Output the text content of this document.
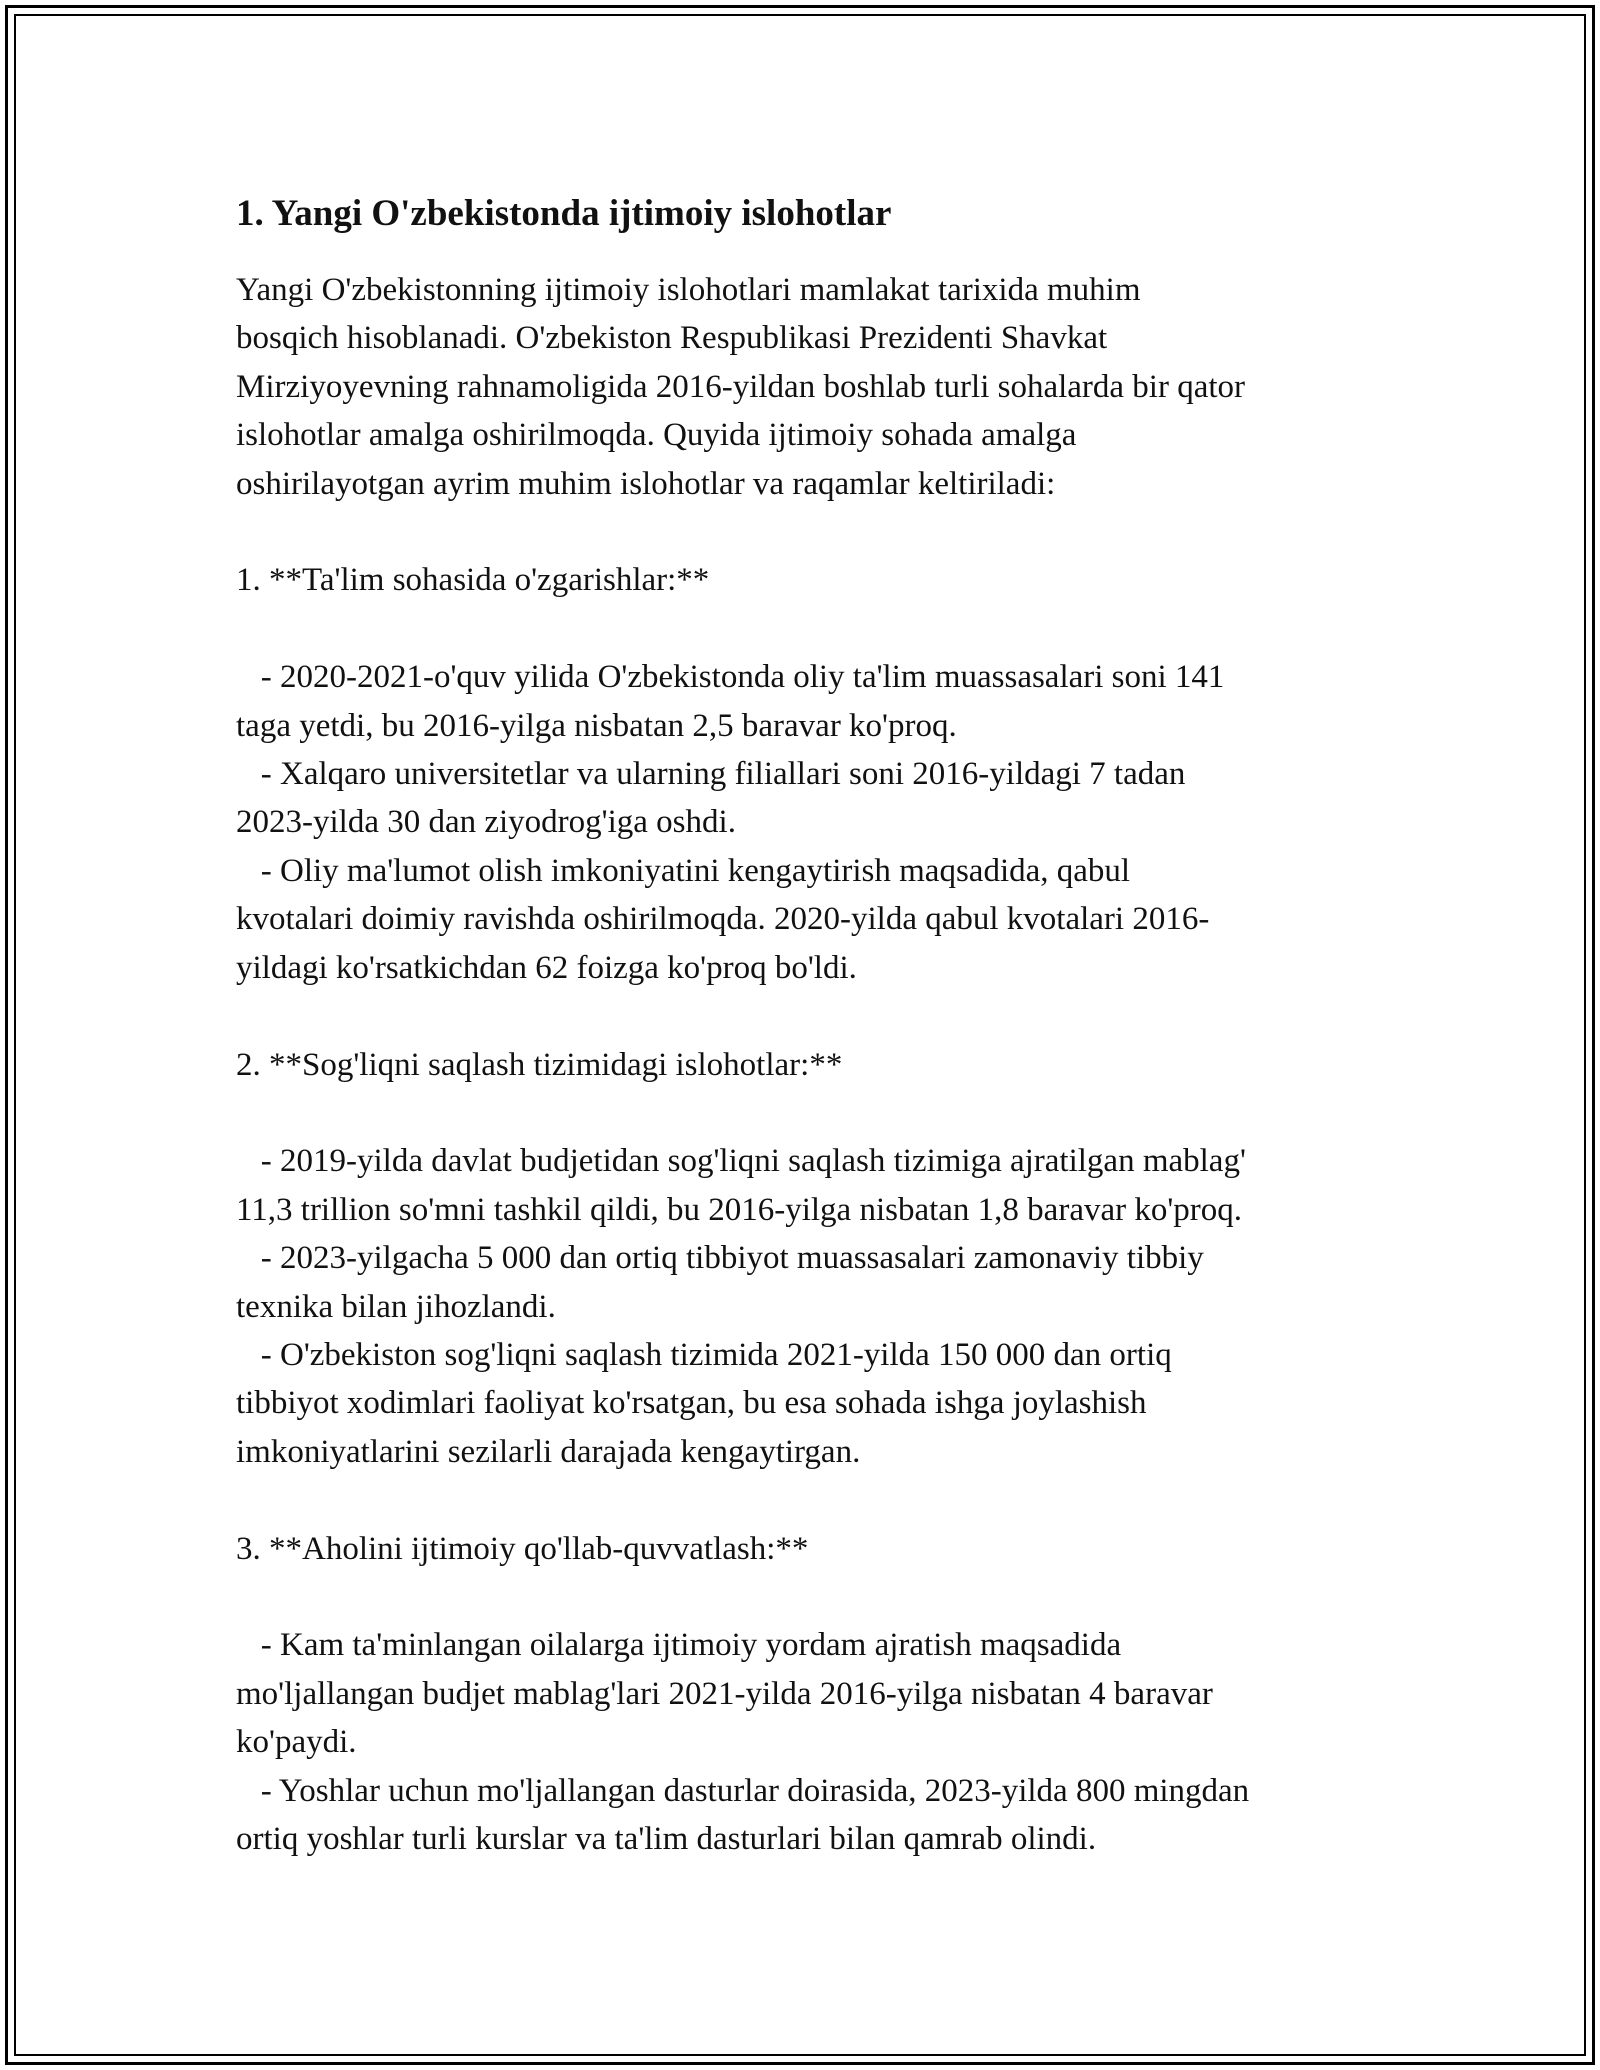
1. Yangi O'zbekistonda ijtimoiy islohotlar

Yangi O'zbekistonning ijtimoiy islohotlari mamlakat tarixida muhim
bosqich hisoblanadi. O'zbekiston Respublikasi Prezidenti Shavkat
Mirziyoyevning rahnamoligida 2016-yildan boshlab turli sohalarda bir qator
islohotlar amalga oshirilmoqda. Quyida ijtimoiy sohada amalga
oshirilayotgan ayrim muhim islohotlar va raqamlar keltiriladi:

1. **Ta'lim sohasida o'zgarishlar:**

- 2020-2021-o'quv yilida O'zbekistonda oliy ta'lim muassasalari soni 141
taga yetdi, bu 2016-yilga nisbatan 2,5 baravar ko'proq.
- Xalqaro universitetlar va ularning filiallari soni 2016-yildagi 7 tadan
2023-yilda 30 dan ziyodrog'iga oshdi.
- Oliy ma'lumot olish imkoniyatini kengaytirish maqsadida, qabul
kvotalari doimiy ravishda oshirilmoqda. 2020-yilda qabul kvotalari 2016-
yildagi ko'rsatkichdan 62 foizga ko'proq bo'ldi.

2. **Sog'liqni saqlash tizimidagi islohotlar:**

- 2019-yilda davlat budjetidan sog'liqni saqlash tizimiga ajratilgan mablag'
11,3 trillion so'mni tashkil qildi, bu 2016-yilga nisbatan 1,8 baravar ko'proq.
- 2023-yilgacha 5 000 dan ortiq tibbiyot muassasalari zamonaviy tibbiy
texnika bilan jihozlandi.
- O'zbekiston sog'liqni saqlash tizimida 2021-yilda 150 000 dan ortiq
tibbiyot xodimlari faoliyat ko'rsatgan, bu esa sohada ishga joylashish
imkoniyatlarini sezilarli darajada kengaytirgan.

3. **Aholini ijtimoiy qo'llab-quvvatlash:**

- Kam ta'minlangan oilalarga ijtimoiy yordam ajratish maqsadida
mo'ljallangan budjet mablag'lari 2021-yilda 2016-yilga nisbatan 4 baravar
ko'paydi.
- Yoshlar uchun mo'ljallangan dasturlar doirasida, 2023-yilda 800 mingdan
ortiq yoshlar turli kurslar va ta'lim dasturlari bilan qamrab olindi.
